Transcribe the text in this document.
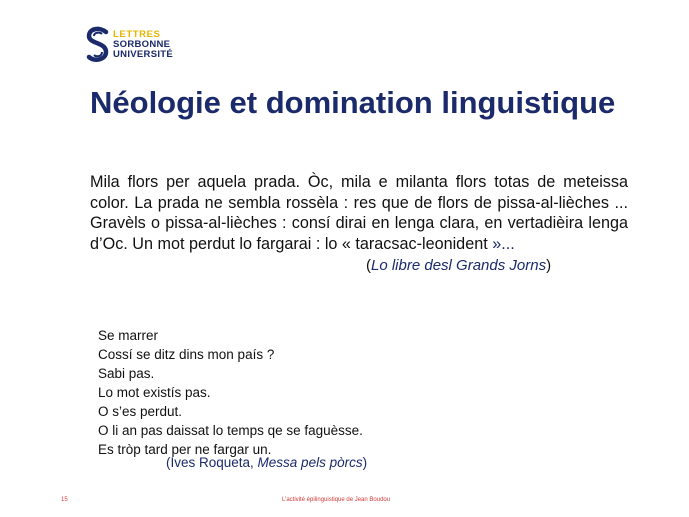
LETTRES
SORBONNE
UNIVERSITÉ
Néologie et domination linguistique

Mila flors per aquela prada. Òc, mila e milanta flors totas de meteissa color. La prada ne sembla rossèla : res que de flors de pissa-al-lièches ... Gravèls o pissa-al-lièches : consí dirai en lenga clara, en vertadièira lenga d’Oc. Un mot perdut lo fargarai : lo « taracsac-leonident »...

(Lo libre desl Grands Jorns)
Se marrer
Cossí se ditz dins mon país ?
Sabi pas.
Lo mot existís pas.
O s’es perdut.
O li an pas daissat lo temps qe se faguèsse.
Es tròp tard per ne fargar un.
(Ives Roqueta, Messa pels pòrcs)
15	L’activité épilinguistique de Jean Boudou
